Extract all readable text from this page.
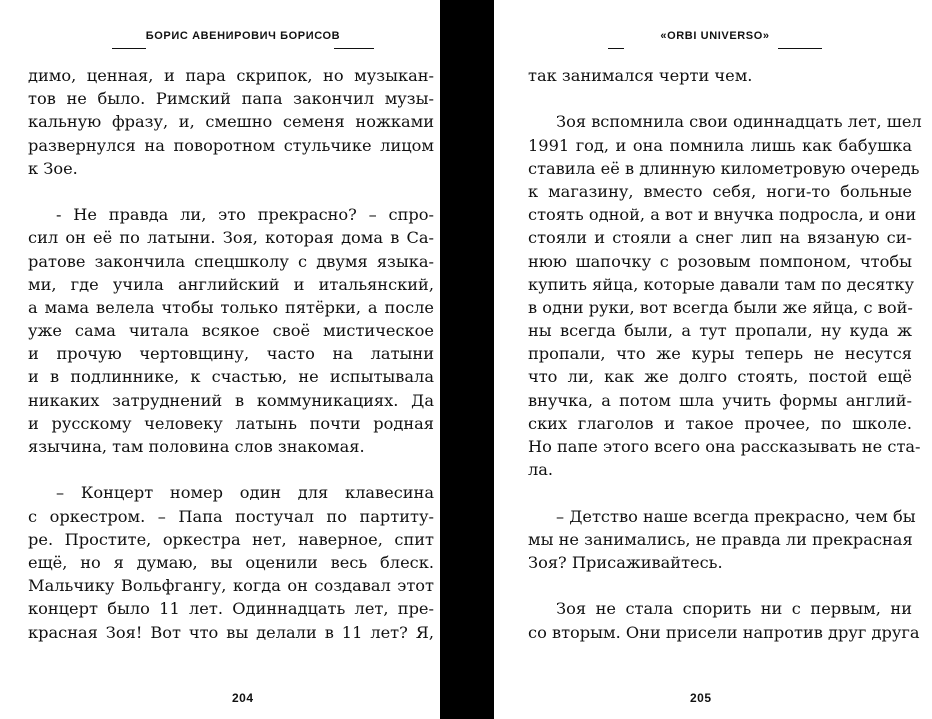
БОРИС АВЕНИРОВИЧ БОРИСОВ
димо, ценная, и пара скрипок, но музыкан-
тов не было. Римский папа закончил музы-
кальную фразу, и, смешно семеня ножками
развернулся на поворотном стульчике лицом
к Зое.
- Не правда ли, это прекрасно? – спро-
сил он её по латыни. Зоя, которая дома в Са-
ратове закончила спецшколу с двумя языка-
ми, где учила английский и итальянский,
а мама велела чтобы только пятёрки, а после
уже сама читала всякое своё мистическое
и прочую чертовщину, часто на латыни
и в подлиннике, к счастью, не испытывала
никаких затруднений в коммуникациях. Да
и русскому человеку латынь почти родная
язычина, там половина слов знакомая.
– Концерт номер один для клавесина
с оркестром. – Папа постучал по партиту-
ре. Простите, оркестра нет, наверное, спит
ещё, но я думаю, вы оценили весь блеск.
Мальчику Вольфгангу, когда он создавал этот
концерт было 11 лет. Одиннадцать лет, пре-
красная Зоя! Вот что вы делали в 11 лет? Я,
204
«ORBI UNIVERSO»
так занимался черти чем.
Зоя вспомнила свои одиннадцать лет, шел
1991 год, и она помнила лишь как бабушка
ставила её в длинную километровую очередь
к магазину, вместо себя, ноги-то больные
стоять одной, а вот и внучка подросла, и они
стояли и стояли а снег лип на вязаную си-
нюю шапочку с розовым помпоном, чтобы
купить яйца, которые давали там по десятку
в одни руки, вот всегда были же яйца, с вой-
ны всегда были, а тут пропали, ну куда ж
пропали, что же куры теперь не несутся
что ли, как же долго стоять, постой ещё
внучка, а потом шла учить формы англий-
ских глаголов и такое прочее, по школе.
Но папе этого всего она рассказывать не ста-
ла.
– Детство наше всегда прекрасно, чем бы
мы не занимались, не правда ли прекрасная
Зоя? Присаживайтесь.
Зоя не стала спорить ни с первым, ни
со вторым. Они присели напротив друг друга
205
